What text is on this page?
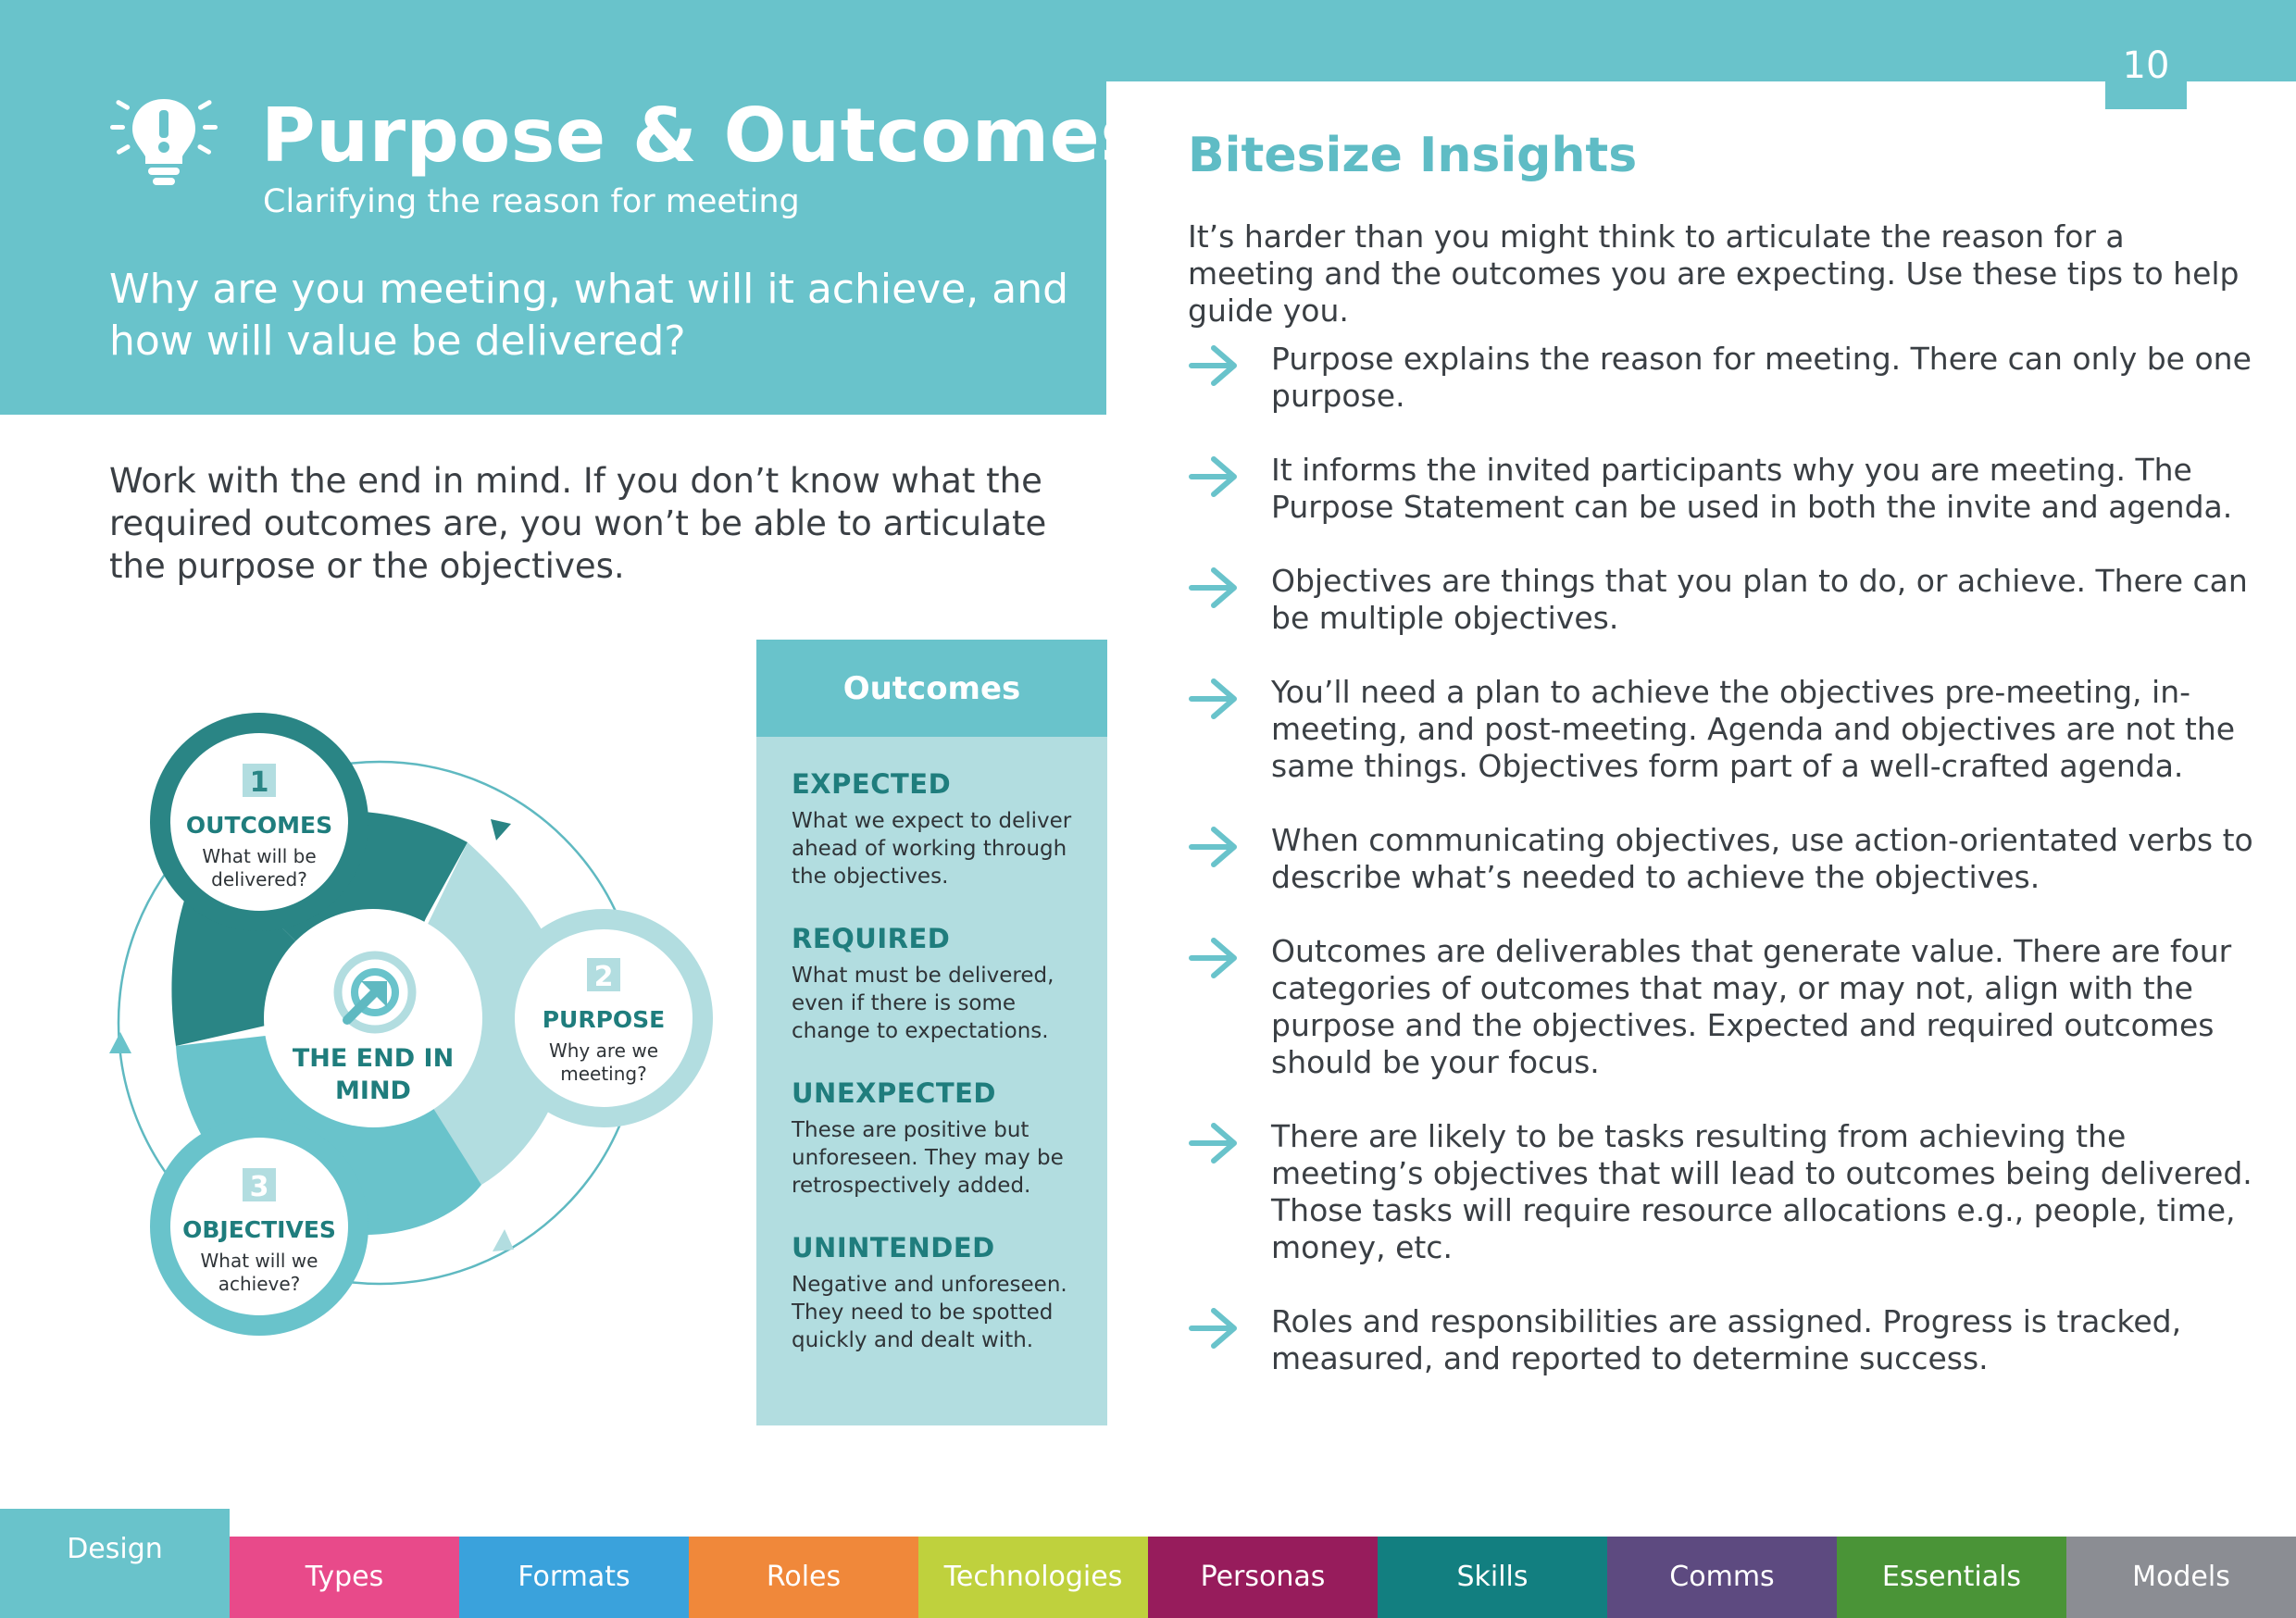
10
Purpose & Outcomes
Clarifying the reason for meeting
Why are you meeting, what will it achieve, and how will value be delivered?
Work with the end in mind. If you don’t know what the required outcomes are, you won’t be able to articulate the purpose or the objectives.
THE END IN
MIND
1
OUTCOMES
What will be
delivered?
2
PURPOSE
Why are we
meeting?
3
OBJECTIVES
What will we
achieve?
Outcomes
EXPECTED
What we expect to deliver ahead of working through the objectives.
REQUIRED
What must be delivered, even if there is some change to expectations.
UNEXPECTED
These are positive but unforeseen. They may be retrospectively added.
UNINTENDED
Negative and unforeseen. They need to be spotted quickly and dealt with.
Bitesize Insights
It’s harder than you might think to articulate the reason for a meeting and the outcomes you are expecting. Use these tips to help guide you.
Purpose explains the reason for meeting. There can only be one purpose.
It informs the invited participants why you are meeting. The Purpose Statement can be used in both the invite and agenda.
Objectives are things that you plan to do, or achieve. There can be multiple objectives.
You’ll need a plan to achieve the objectives pre-meeting, in-meeting, and post-meeting. Agenda and objectives are not the same things. Objectives form part of a well-crafted agenda.
When communicating objectives, use action-orientated verbs to describe what’s needed to achieve the objectives.
Outcomes are deliverables that generate value. There are four categories of outcomes that may, or may not, align with the purpose and the objectives. Expected and required outcomes should be your focus.
There are likely to be tasks resulting from achieving the meeting’s objectives that will lead to outcomes being delivered. Those tasks will require resource allocations e.g., people, time, money, etc.
Roles and responsibilities are assigned. Progress is tracked, measured, and reported to determine success.
Design
Types	Formats	Roles	Technologies	Personas	Skills	Comms	Essentials	Models
